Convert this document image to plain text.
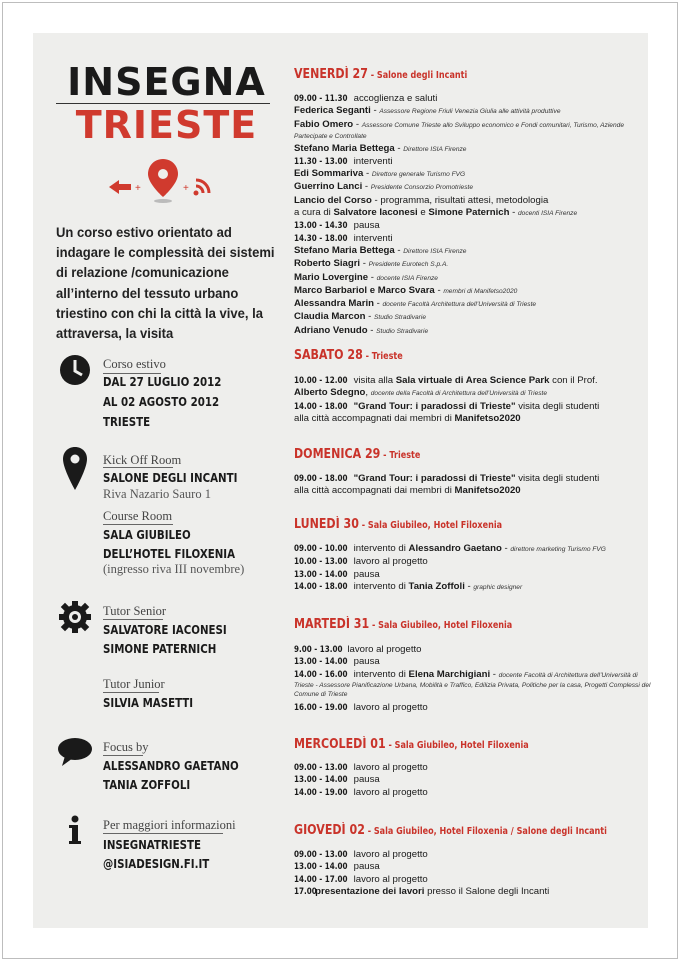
INSEGNA
TRIESTE
+	+
Un corso estivo orientato ad indagare le complessità dei sistemi di relazione /comunicazione all’interno del tessuto urbano triestino con chi la città la vive, la attraversa, la visita
Corso estivo
DAL 27 LUGLIO 2012
AL 02 AGOSTO 2012
TRIESTE
Kick Off Room
SALONE DEGLI INCANTI
Riva Nazario Sauro 1
Course Room
SALA GIUBILEO
DELL’HOTEL FILOXENIA
(ingresso riva III novembre)
Tutor Senior
SALVATORE IACONESI
SIMONE PATERNICH
Tutor Junior
SILVIA MASETTI
Focus by
ALESSANDRO GAETANO
TANIA ZOFFOLI
Per maggiori informazioni
INSEGNATRIESTE
@ISIADESIGN.FI.IT
VENERDÌ 27 - Salone degli Incanti
09.00 - 11.30 accoglienza e saluti
Federica Seganti - Assessore Regione Friuli Venezia Giulia alle attività produttive
Fabio Omero - Assessore Comune Trieste allo Sviluppo economico e Fondi comunitari, Turismo, Aziende Partecipate e Controllate
Stefano Maria Bettega - Direttore ISIA Firenze
11.30 - 13.00 interventi
Edi Sommariva - Direttore generale Turismo FVG
Guerrino Lanci - Presidente Consorzio Promotrieste
Lancio del Corso - programma, risultati attesi, metodologia
a cura di Salvatore Iaconesi e Simone Paternich - docenti ISIA Firenze
13.00 - 14.30 pausa
14.30 - 18.00 interventi
Stefano Maria Bettega - Direttore ISIA Firenze
Roberto Siagri - Presidente Eurotech S.p.A.
Mario Lovergine - docente ISIA Firenze
Marco Barbariol e Marco Svara - membri di Manifetso2020
Alessandra Marin - docente Facoltà Architettura dell’Università di Trieste
Claudia Marcon - Studio Stradivarie
Adriano Venudo - Studio Stradivarie
SABATO 28 - Trieste
10.00 - 12.00 visita alla Sala virtuale di Area Science Park con il Prof.
Alberto Sdegno, docente della Facoltà di Architettura dell’Università di Trieste
14.00 - 18.00 "Grand Tour: i paradossi di Trieste" visita degli studenti
alla città accompagnati dai membri di Manifetso2020
DOMENICA 29 - Trieste
09.00 - 18.00 "Grand Tour: i paradossi di Trieste" visita degli studenti
alla città accompagnati dai membri di Manifetso2020
LUNEDÌ 30 - Sala Giubileo, Hotel Filoxenia
09.00 - 10.00 intervento di Alessandro Gaetano - direttore marketing Turismo FVG
10.00 - 13.00 lavoro al progetto
13.00 - 14.00 pausa
14.00 - 18.00 intervento di Tania Zoffoli - graphic designer
MARTEDÌ 31 - Sala Giubileo, Hotel Filoxenia
9.00 - 13.00 lavoro al progetto
13.00 - 14.00 pausa
14.00 - 16.00 intervento di Elena Marchigiani - docente Facoltà di Architettura dell’Università di Trieste - Assessore Pianificazione Urbana, Mobilità e Traffico, Edilizia Privata, Politiche per la casa, Progetti Complessi del Comune di Trieste
16.00 - 19.00 lavoro al progetto
MERCOLEDÌ 01 - Sala Giubileo, Hotel Filoxenia
09.00 - 13.00 lavoro al progetto
13.00 - 14.00 pausa
14.00 - 19.00 lavoro al progetto
GIOVEDÌ 02 - Sala Giubileo, Hotel Filoxenia / Salone degli Incanti
09.00 - 13.00 lavoro al progetto
13.00 - 14.00 pausa
14.00 - 17.00 lavoro al progetto
17.00 presentazione dei lavori presso il Salone degli Incanti
